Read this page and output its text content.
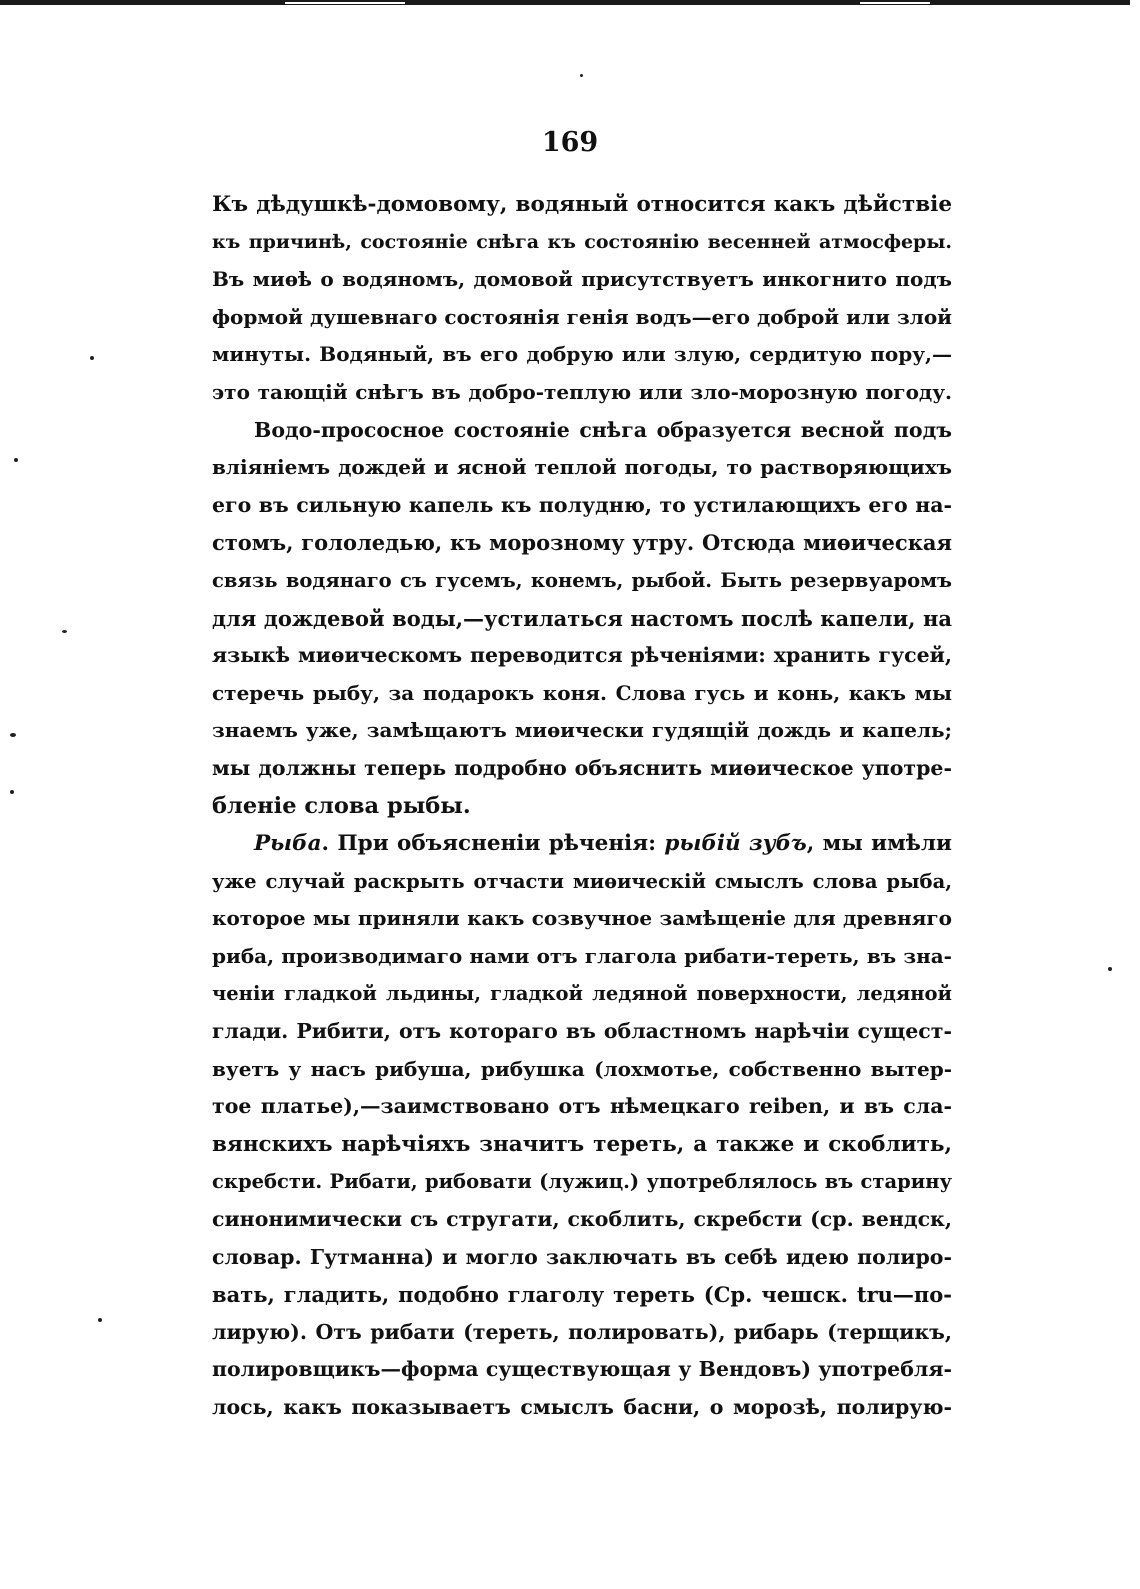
169
Къ дѣдушкѣ-домовому, водяный относится какъ дѣйствіе
къ причинѣ, состояніе снѣга къ состоянію весенней атмосферы.
Въ миѳѣ о водяномъ, домовой присутствуетъ инкогнито подъ
формой душевнаго состоянія генія водъ—его доброй или злой
минуты. Водяный, въ его добрую или злую, сердитую пору,—
это тающій снѣгъ въ добро-теплую или зло-морозную погоду.
Водо-прососное состояніе снѣга образуется весной подъ
вліяніемъ дождей и ясной теплой погоды, то растворяющихъ
его въ сильную капель къ полудню, то устилающихъ его на-
стомъ, гололедью, къ морозному утру. Отсюда миѳическая
связь водянаго съ гусемъ, конемъ, рыбой. Быть резервуаромъ
для дождевой воды,—устилаться настомъ послѣ капели, на
языкѣ миѳическомъ переводится рѣченіями: хранить гусей,
стеречь рыбу, за подарокъ коня. Слова гусь и конь, какъ мы
знаемъ уже, замѣщаютъ миѳически гудящій дождь и капель;
мы должны теперь подробно объяснить миѳическое употре-
бленіе слова рыбы.
Рыба. При объясненіи рѣченія: рыбій зубъ, мы имѣли
уже случай раскрыть отчасти миѳическій смыслъ слова рыба,
которое мы приняли какъ созвучное замѣщеніе для древняго
риба, производимаго нами отъ глагола рибати-тереть, въ зна-
ченіи гладкой льдины, гладкой ледяной поверхности, ледяной
глади. Рибити, отъ котораго въ областномъ нарѣчіи сущест-
вуетъ у насъ рибуша, рибушка (лохмотье, собственно вытер-
тое платье),—заимствовано отъ нѣмецкаго reiben, и въ сла-
вянскихъ нарѣчіяхъ значитъ тереть, а также и скоблить,
скребсти. Рибати, рибовати (лужиц.) употреблялось въ старину
синонимически съ стругати, скоблить, скребсти (ср. вендск,
словар. Гутманна) и могло заключать въ себѣ идею полиро-
вать, гладить, подобно глаголу тереть (Ср. чешск. tru—по-
лирую). Отъ рибати (тереть, полировать), рибарь (терщикъ,
полировщикъ—форма существующая у Вендовъ) употребля-
лось, какъ показываетъ смыслъ басни, о морозѣ, полирую-
